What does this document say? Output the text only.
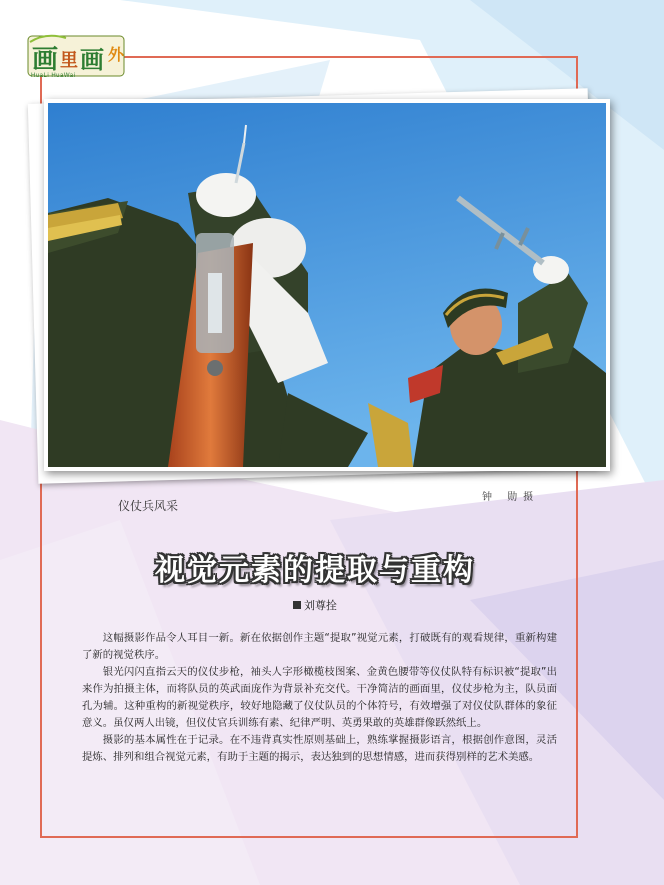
画 里 画 外
HuaLi HuaWai
仪仗兵风采
钟 勋摄
视觉元素的提取与重构
刘尊拴

这幅摄影作品令人耳目一新。新在依据创作主题“提取”视觉元素，打破既有的观看规律，重新构建了新的视觉秩序。

银光闪闪直指云天的仪仗步枪，袖头人字形橄榄枝图案、金黄色腰带等仪仗队特有标识被“提取”出来作为拍摄主体，而将队员的英武面庞作为背景补充交代。干净简洁的画面里，仪仗步枪为主，队员面孔为辅。这种重构的新视觉秩序，较好地隐藏了仪仗队员的个体符号，有效增强了对仪仗队群体的象征意义。虽仅两人出镜，但仪仗官兵训练有素、纪律严明、英勇果敢的英雄群像跃然纸上。

摄影的基本属性在于记录。在不违背真实性原则基础上，熟练掌握摄影语言，根据创作意图，灵活提炼、排列和组合视觉元素，有助于主题的揭示，表达独到的思想情感，进而获得别样的艺术美感。
